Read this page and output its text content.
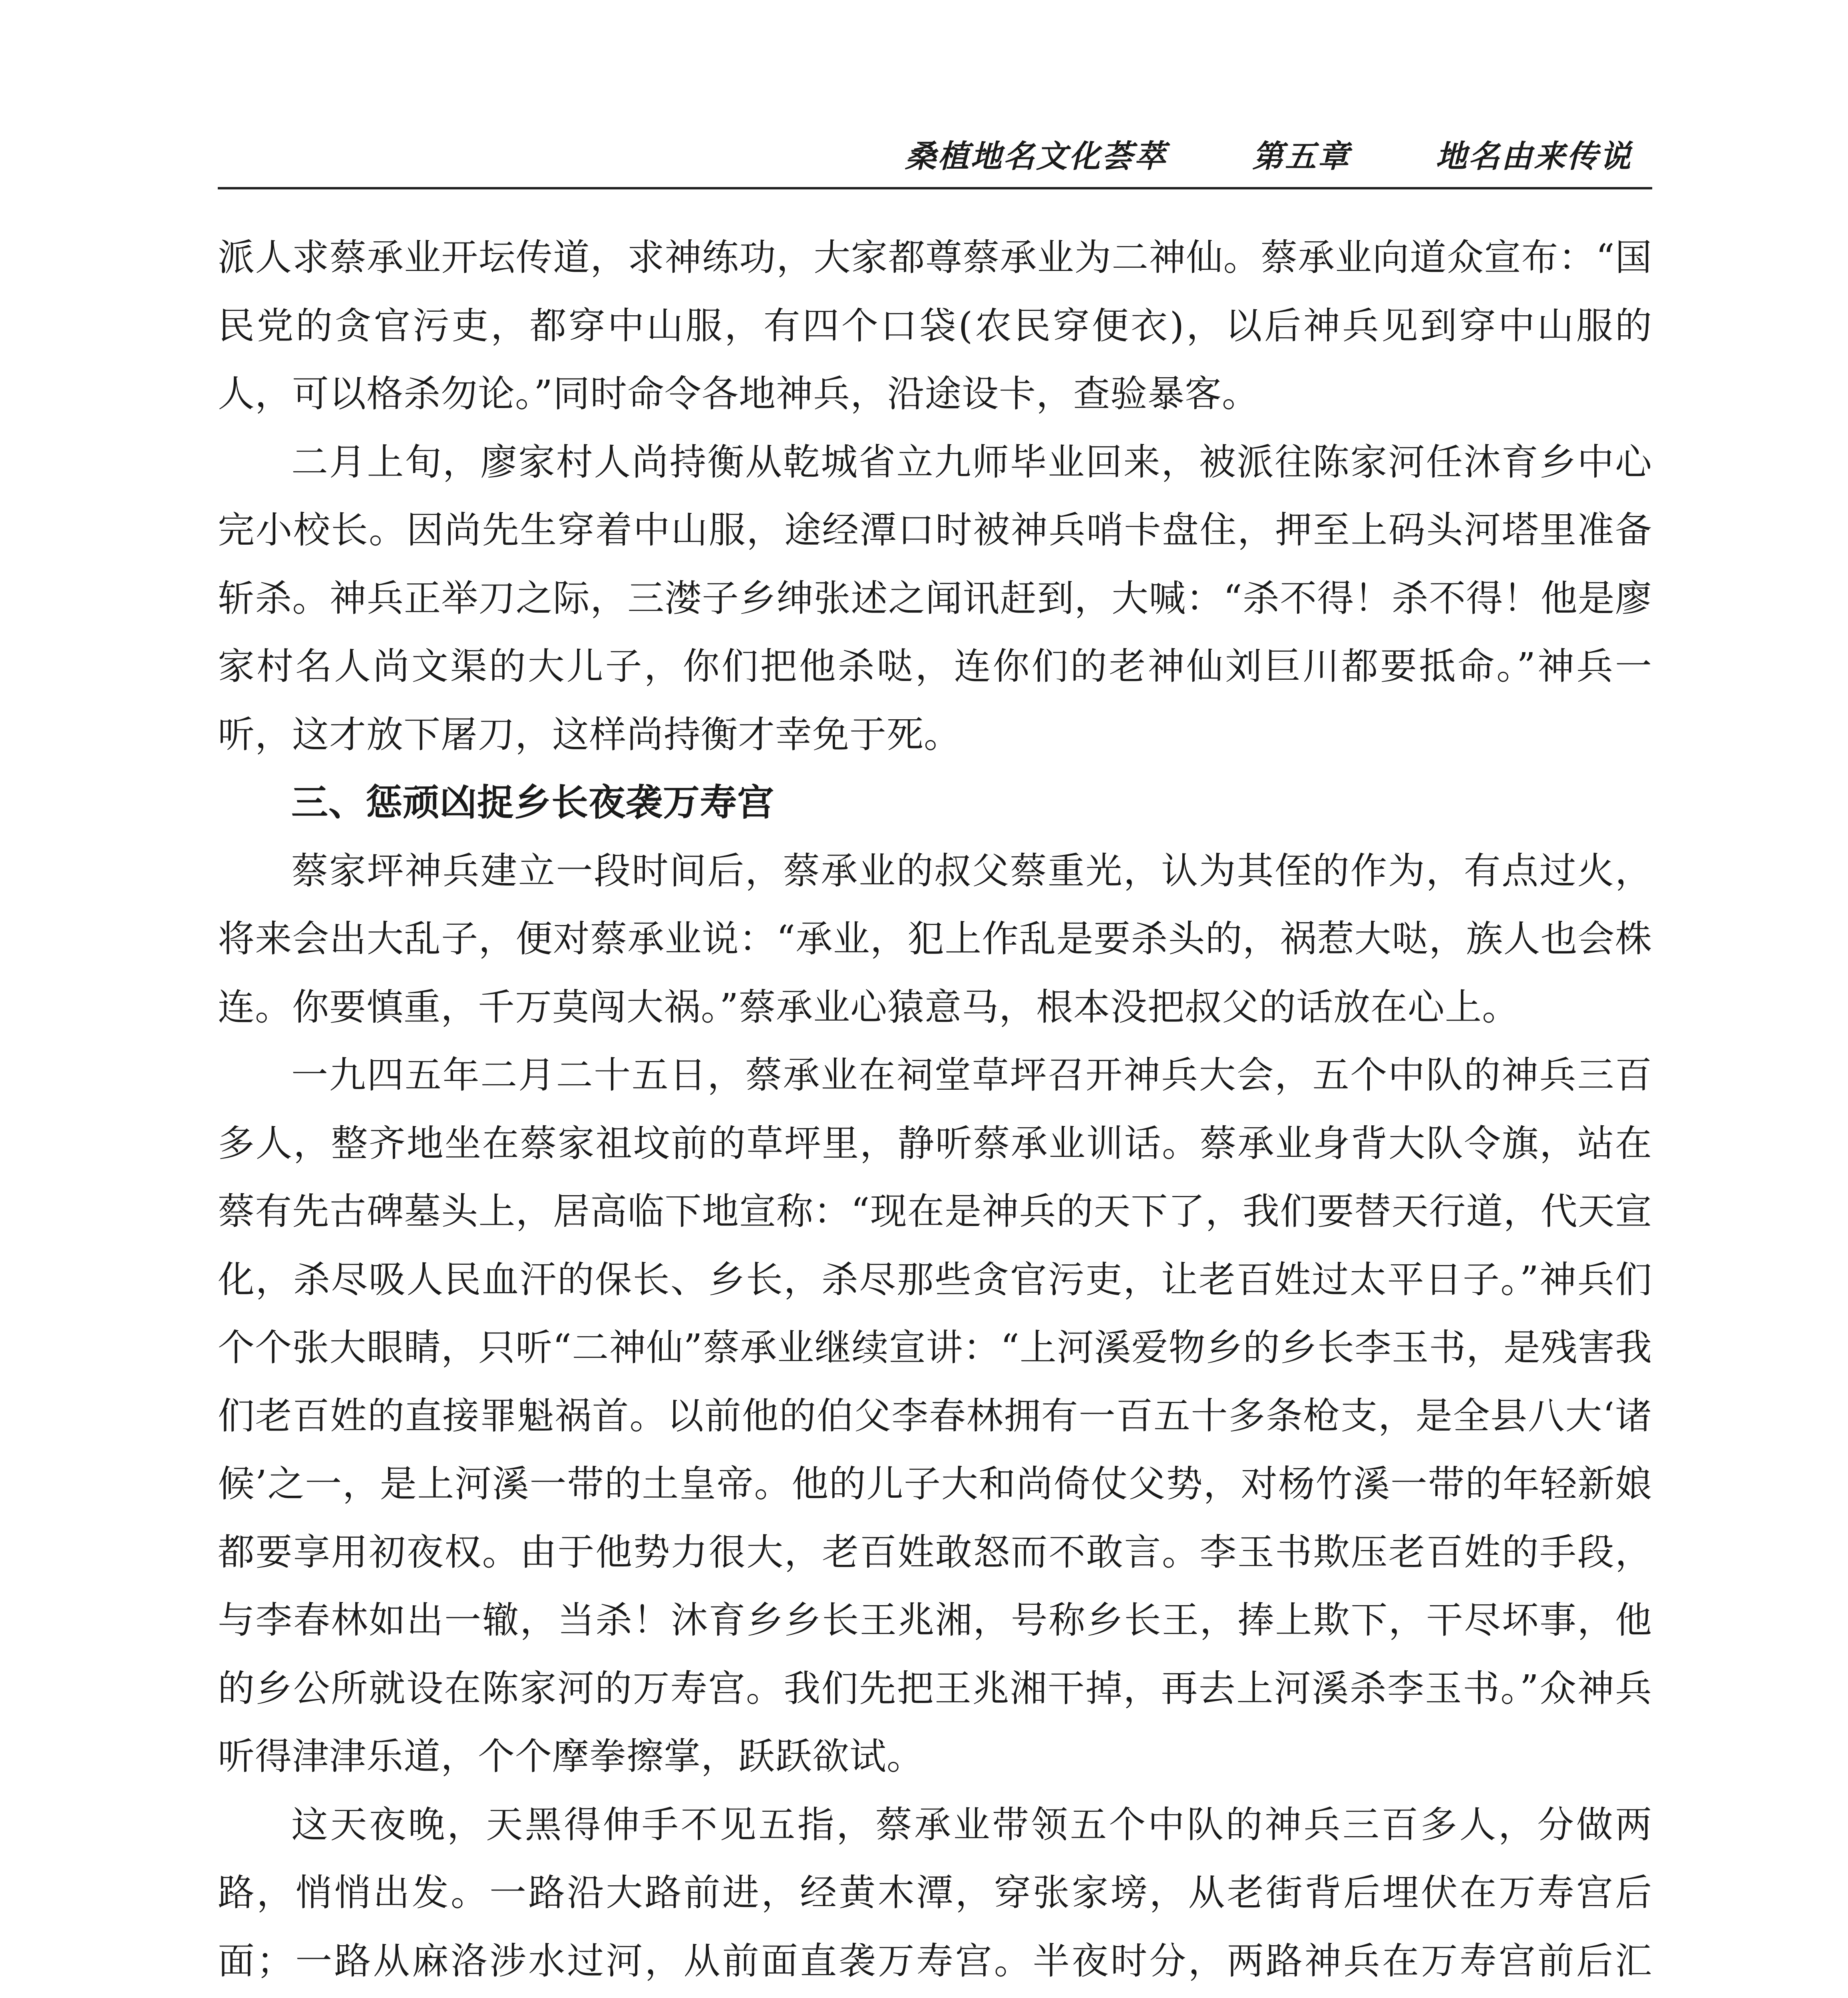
桑植地名文化荟萃	第五章	地名由来传说

派人求蔡承业开坛传道，求神练功，大家都尊蔡承业为二神仙。蔡承业向道众宣布：“国民党的贪官污吏，都穿中山服，有四个口袋(农民穿便衣)，以后神兵见到穿中山服的人，可以格杀勿论。”同时命令各地神兵，沿途设卡，查验暴客。

二月上旬，廖家村人尚持衡从乾城省立九师毕业回来，被派往陈家河任沐育乡中心完小校长。因尚先生穿着中山服，途经潭口时被神兵哨卡盘住，押至上码头河塔里准备斩杀。神兵正举刀之际，三漤子乡绅张述之闻讯赶到，大喊：“杀不得！杀不得！他是廖家村名人尚文渠的大儿子，你们把他杀哒，连你们的老神仙刘巨川都要抵命。”神兵一听，这才放下屠刀，这样尚持衡才幸免于死。

三、惩顽凶捉乡长夜袭万寿宫

蔡家坪神兵建立一段时间后，蔡承业的叔父蔡重光，认为其侄的作为，有点过火，将来会出大乱子，便对蔡承业说：“承业，犯上作乱是要杀头的，祸惹大哒，族人也会株连。你要慎重，千万莫闯大祸。”蔡承业心猿意马，根本没把叔父的话放在心上。

一九四五年二月二十五日，蔡承业在祠堂草坪召开神兵大会，五个中队的神兵三百多人，整齐地坐在蔡家祖坟前的草坪里，静听蔡承业训话。蔡承业身背大队令旗，站在蔡有先古碑墓头上，居高临下地宣称：“现在是神兵的天下了，我们要替天行道，代天宣化，杀尽吸人民血汗的保长、乡长，杀尽那些贪官污吏，让老百姓过太平日子。”神兵们个个张大眼睛，只听“二神仙”蔡承业继续宣讲：“上河溪爱物乡的乡长李玉书，是残害我们老百姓的直接罪魁祸首。以前他的伯父李春林拥有一百五十多条枪支，是全县八大‘诸候’之一，是上河溪一带的土皇帝。他的儿子大和尚倚仗父势，对杨竹溪一带的年轻新娘都要享用初夜权。由于他势力很大，老百姓敢怒而不敢言。李玉书欺压老百姓的手段，与李春林如出一辙，当杀！沐育乡乡长王兆湘，号称乡长王，捧上欺下，干尽坏事，他的乡公所就设在陈家河的万寿宫。我们先把王兆湘干掉，再去上河溪杀李玉书。”众神兵听得津津乐道，个个摩拳擦掌，跃跃欲试。

这天夜晚，天黑得伸手不见五指，蔡承业带领五个中队的神兵三百多人，分做两路，悄悄出发。一路沿大路前进，经黄木潭，穿张家塝，从老街背后埋伏在万寿宫后面；一路从麻洛涉水过河，从前面直袭万寿宫。半夜时分，两路神兵在万寿宫前后汇
